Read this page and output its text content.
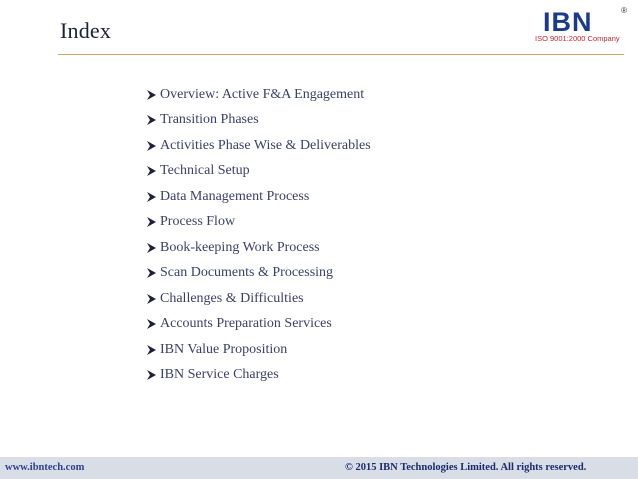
Index	IBN	®
ISO 9001:2000 Company
Overview: Active F&A Engagement
Transition Phases
Activities Phase Wise & Deliverables
Technical Setup
Data Management Process
Process Flow
Book-keeping Work Process
Scan Documents & Processing
Challenges & Difficulties
Accounts Preparation Services
IBN Value Proposition
IBN Service Charges
www.ibntech.com	© 2015 IBN Technologies Limited. All rights reserved.
